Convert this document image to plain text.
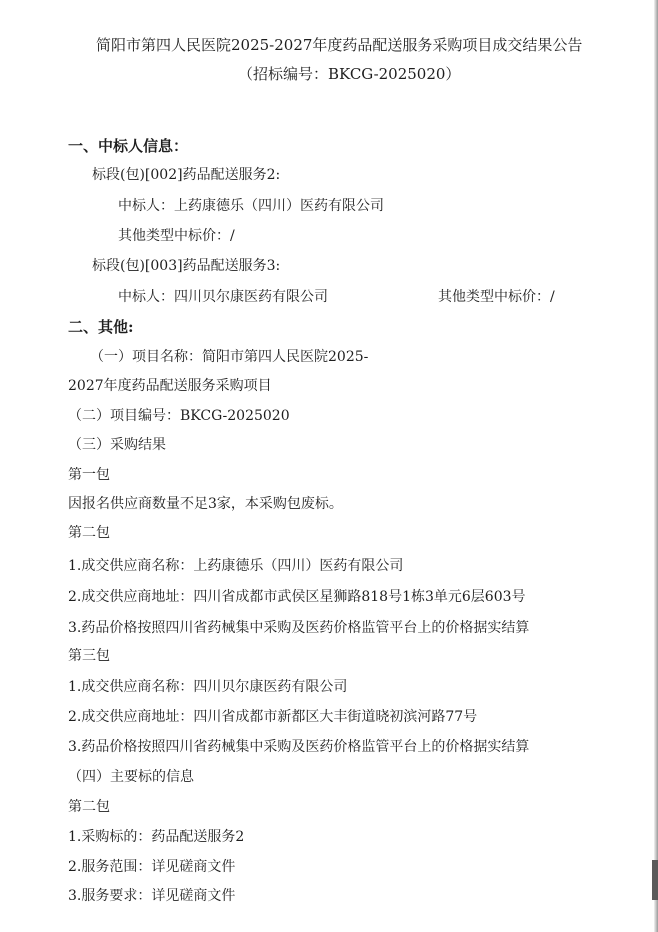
简阳市第四人民医院2025-2027年度药品配送服务采购项目成交结果公告
（招标编号：BKCG-2025020）
一、中标人信息：
标段(包)[002]药品配送服务2:
中标人：上药康德乐（四川）医药有限公司
其他类型中标价：/
标段(包)[003]药品配送服务3:
中标人：四川贝尔康医药有限公司	其他类型中标价：/
二、其他:
（一）项目名称：简阳市第四人民医院2025-
2027年度药品配送服务采购项目
（二）项目编号：BKCG-2025020
（三）采购结果
第一包
因报名供应商数量不足3家，本采购包废标。
第二包
1.成交供应商名称：上药康德乐（四川）医药有限公司
2.成交供应商地址：四川省成都市武侯区星狮路818号1栋3单元6层603号
3.药品价格按照四川省药械集中采购及医药价格监管平台上的价格据实结算
第三包
1.成交供应商名称：四川贝尔康医药有限公司
2.成交供应商地址：四川省成都市新都区大丰街道晓初滨河路77号
3.药品价格按照四川省药械集中采购及医药价格监管平台上的价格据实结算
（四）主要标的信息
第二包
1.采购标的：药品配送服务2
2.服务范围：详见磋商文件
3.服务要求：详见磋商文件
